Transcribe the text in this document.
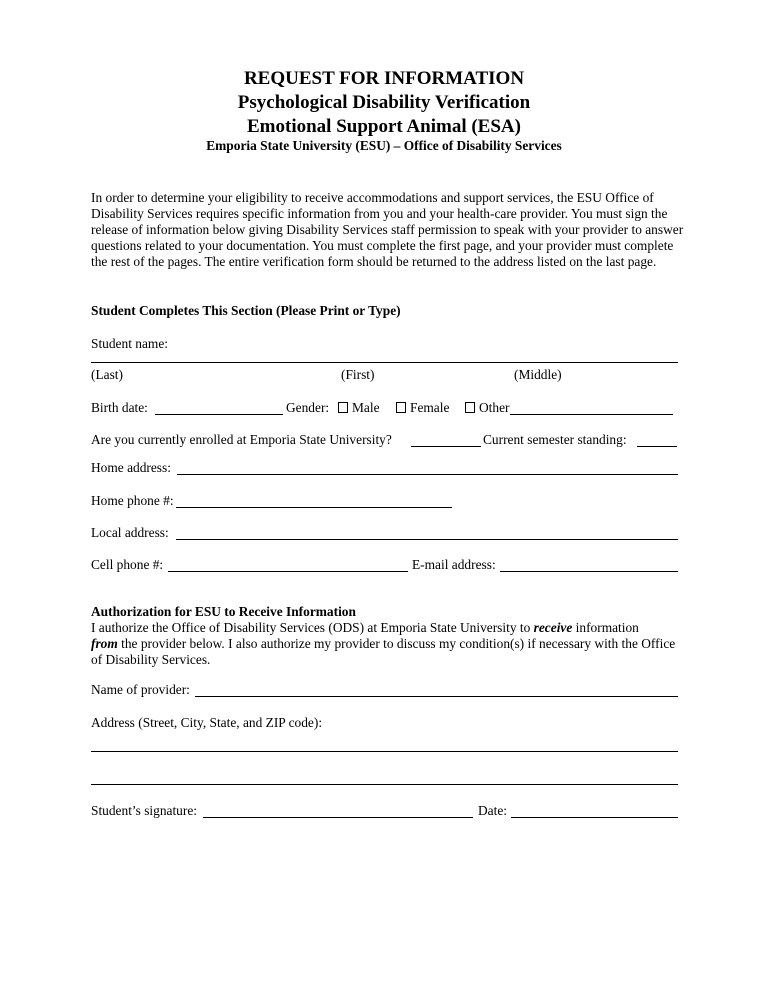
REQUEST FOR INFORMATION
Psychological Disability Verification
Emotional Support Animal (ESA)
Emporia State University (ESU) – Office of Disability Services
In order to determine your eligibility to receive accommodations and support services, the ESU Office of Disability Services requires specific information from you and your health-care provider. You must sign the release of information below giving Disability Services staff permission to speak with your provider to answer questions related to your documentation. You must complete the first page, and your provider must complete the rest of the pages. The entire verification form should be returned to the address listed on the last page.
Student Completes This Section (Please Print or Type)
Student name:
(Last)	(First)	(Middle)
Birth date:	Gender:	Male	Female	Other
Are you currently enrolled at Emporia State University?	Current semester standing:
Home address:
Home phone #:
Local address:
Cell phone #:	E-mail address:
Authorization for ESU to Receive Information
I authorize the Office of Disability Services (ODS) at Emporia State University to receive information
from the provider below. I also authorize my provider to discuss my condition(s) if necessary with the Office of Disability Services.
Name of provider:
Address (Street, City, State, and ZIP code):
Student’s signature:	Date:
